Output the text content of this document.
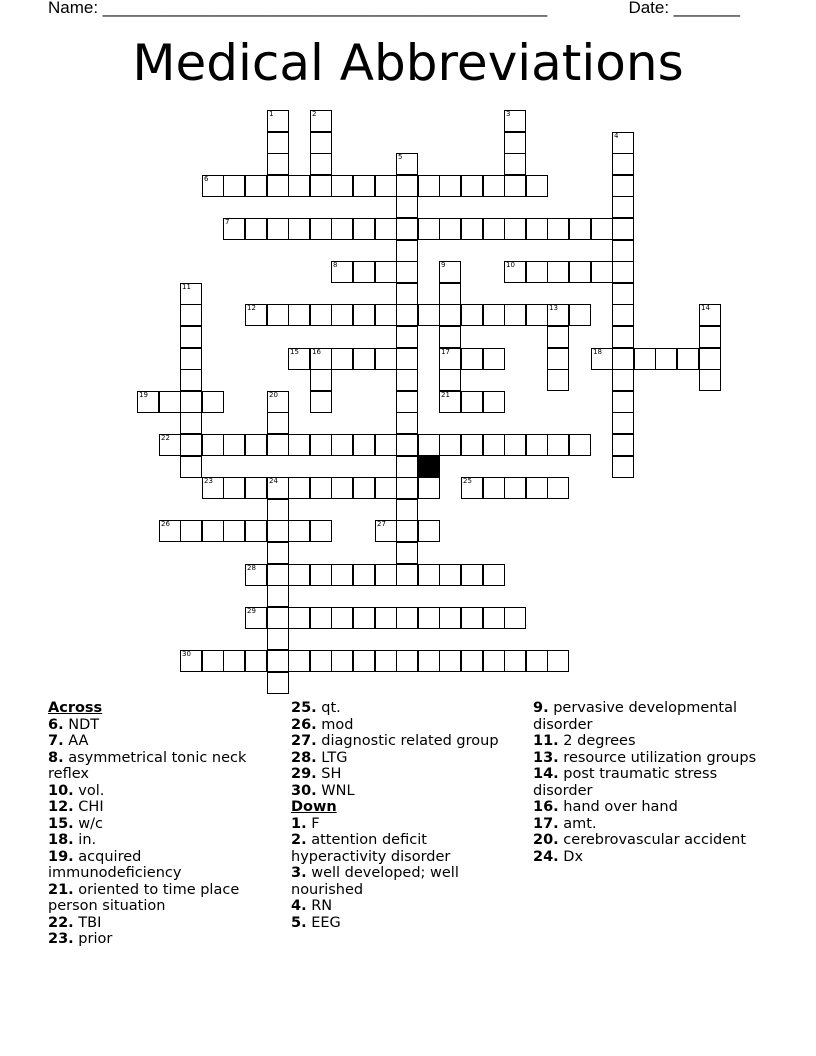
Name: _______________________________________________	Date: _______
Medical Abbreviations
1	2	3
4
5
6
7
8	9
17
10
11
12	13	14
15 16	18
19	20	21
22
23	24	25
26	27
28
29
30
Across
6. NDT
7. AA
8. asymmetrical tonic neck reflex
10. vol.
12. CHI
15. w/c
18. in.
19. acquired immunodeficiency
21. oriented to time place person situation
22. TBI
23. prior
25. qt.
26. mod
27. diagnostic related group
28. LTG
29. SH
30. WNL
Down
1. F
2. attention deficit hyperactivity disorder
3. well developed; well nourished
4. RN
5. EEG
9. pervasive developmental disorder
11. 2 degrees
13. resource utilization groups
14. post traumatic stress disorder
16. hand over hand
17. amt.
20. cerebrovascular accident
24. Dx
